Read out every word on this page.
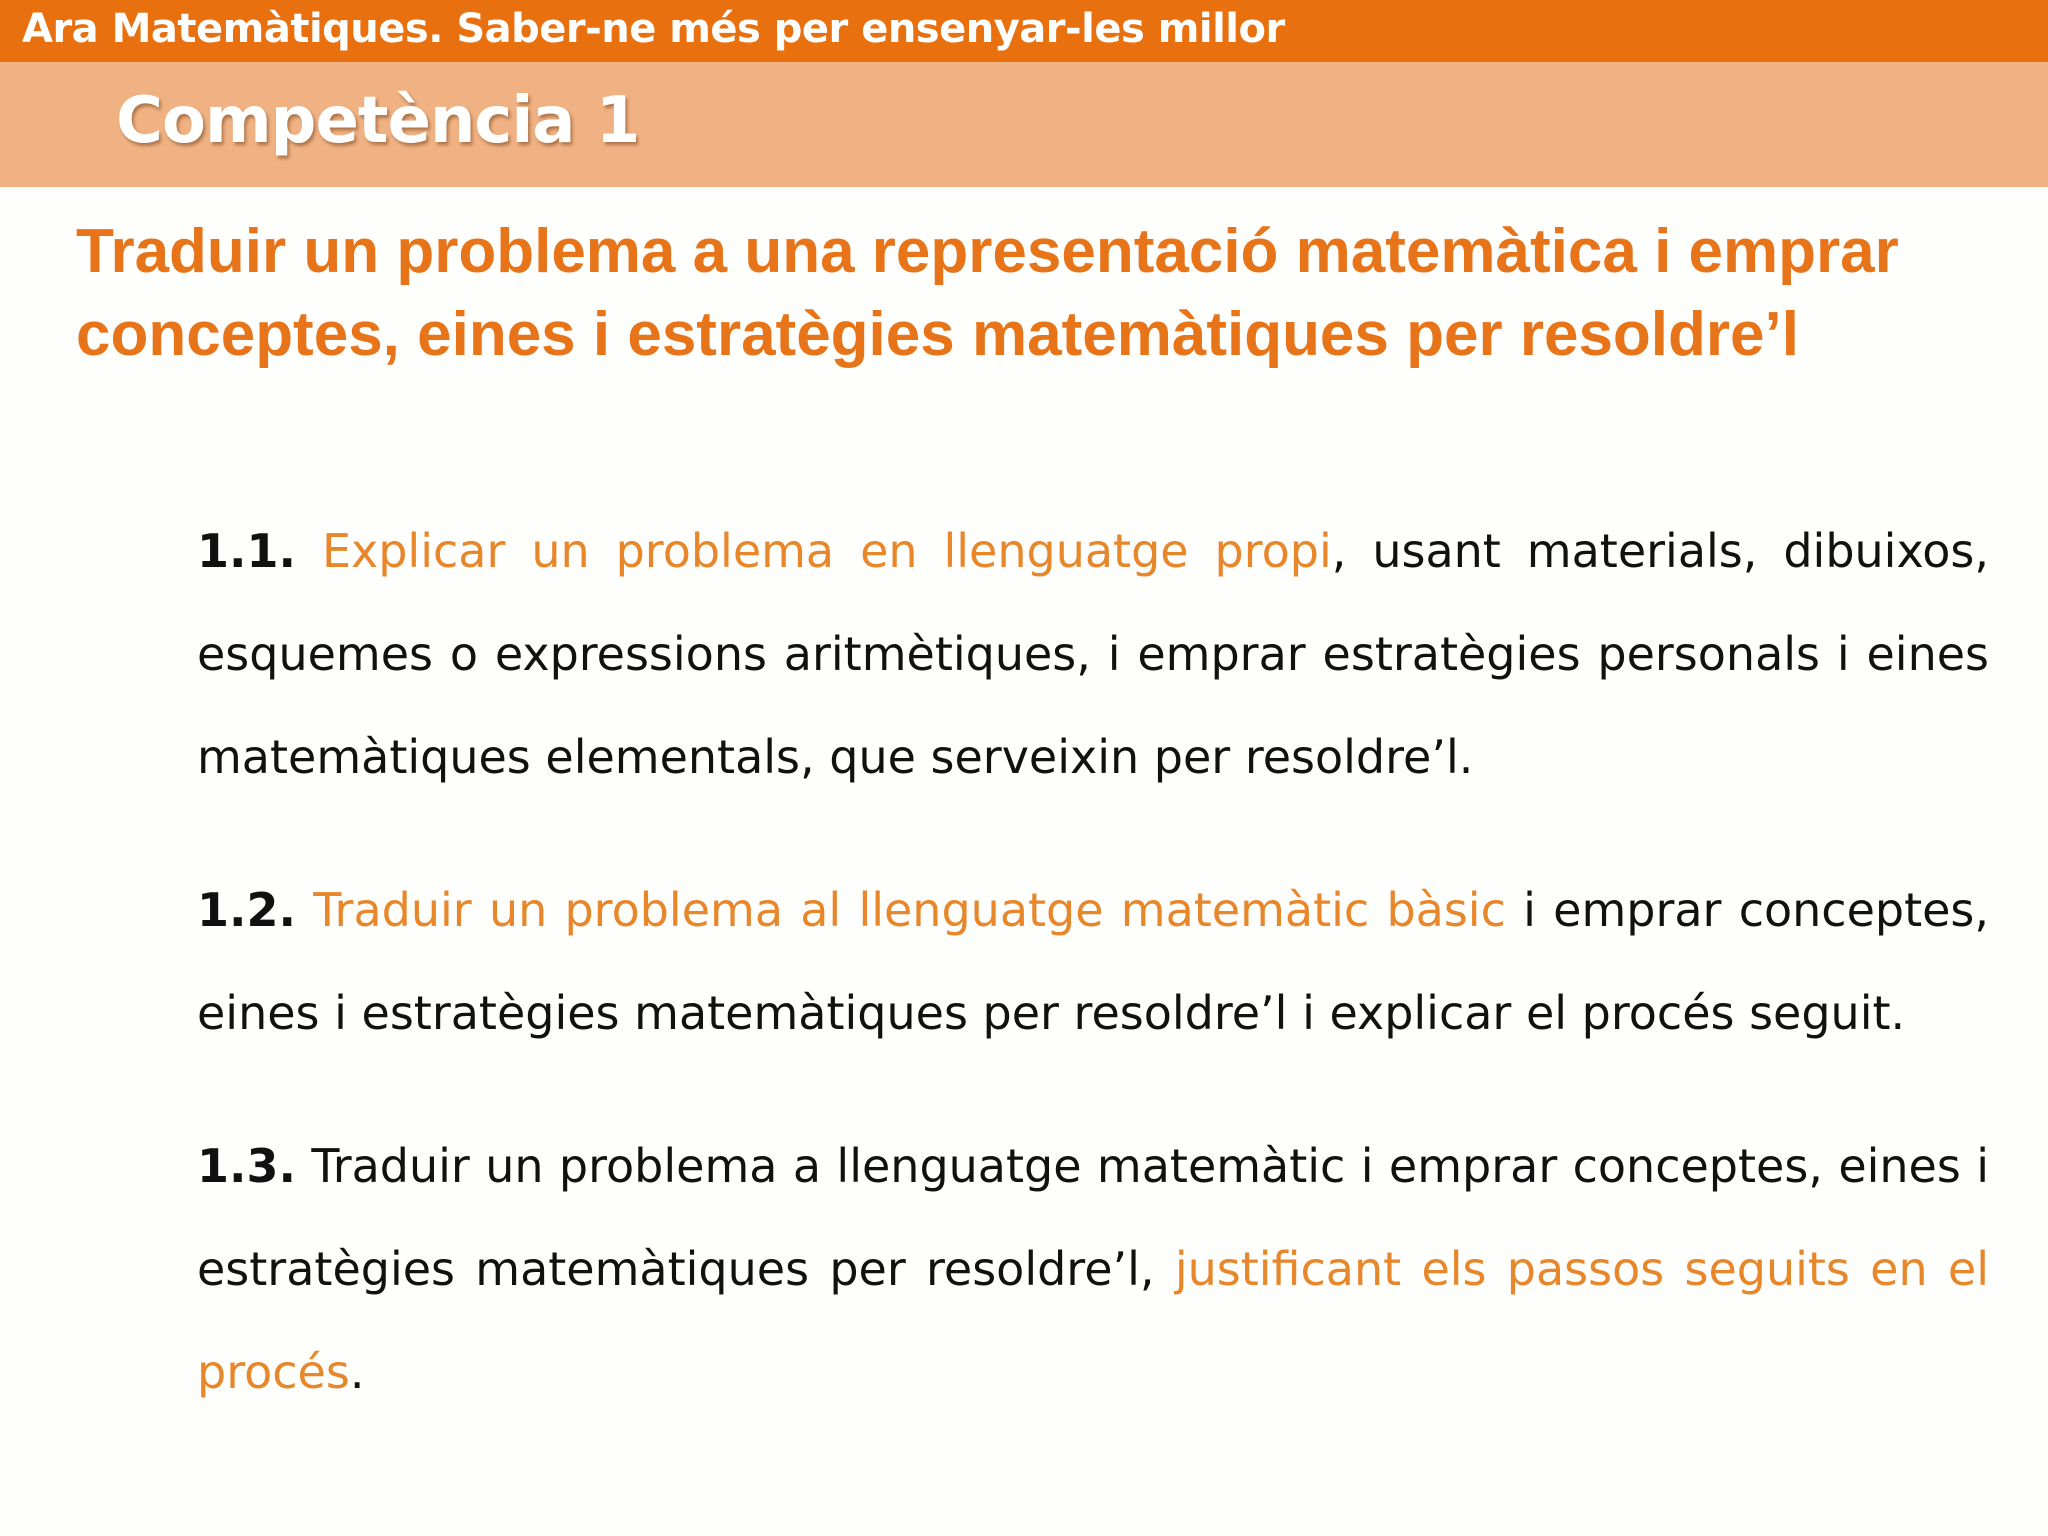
Ara Matemàtiques. Saber-ne més per ensenyar-les millor
Competència 1
Traduir un problema a una representació matemàtica i emprar conceptes, eines i estratègies matemàtiques per resoldre’l

1.1. Explicar un problema en llenguatge propi, usant materials, dibuixos, esquemes o expressions aritmètiques, i emprar estratègies personals i eines matemàtiques elementals, que serveixin per resoldre’l.

1.2. Traduir un problema al llenguatge matemàtic bàsic i emprar conceptes, eines i estratègies matemàtiques per resoldre’l i explicar el procés seguit.

1.3. Traduir un problema a llenguatge matemàtic i emprar conceptes, eines i estratègies matemàtiques per resoldre’l, justificant els passos seguits en el procés.
